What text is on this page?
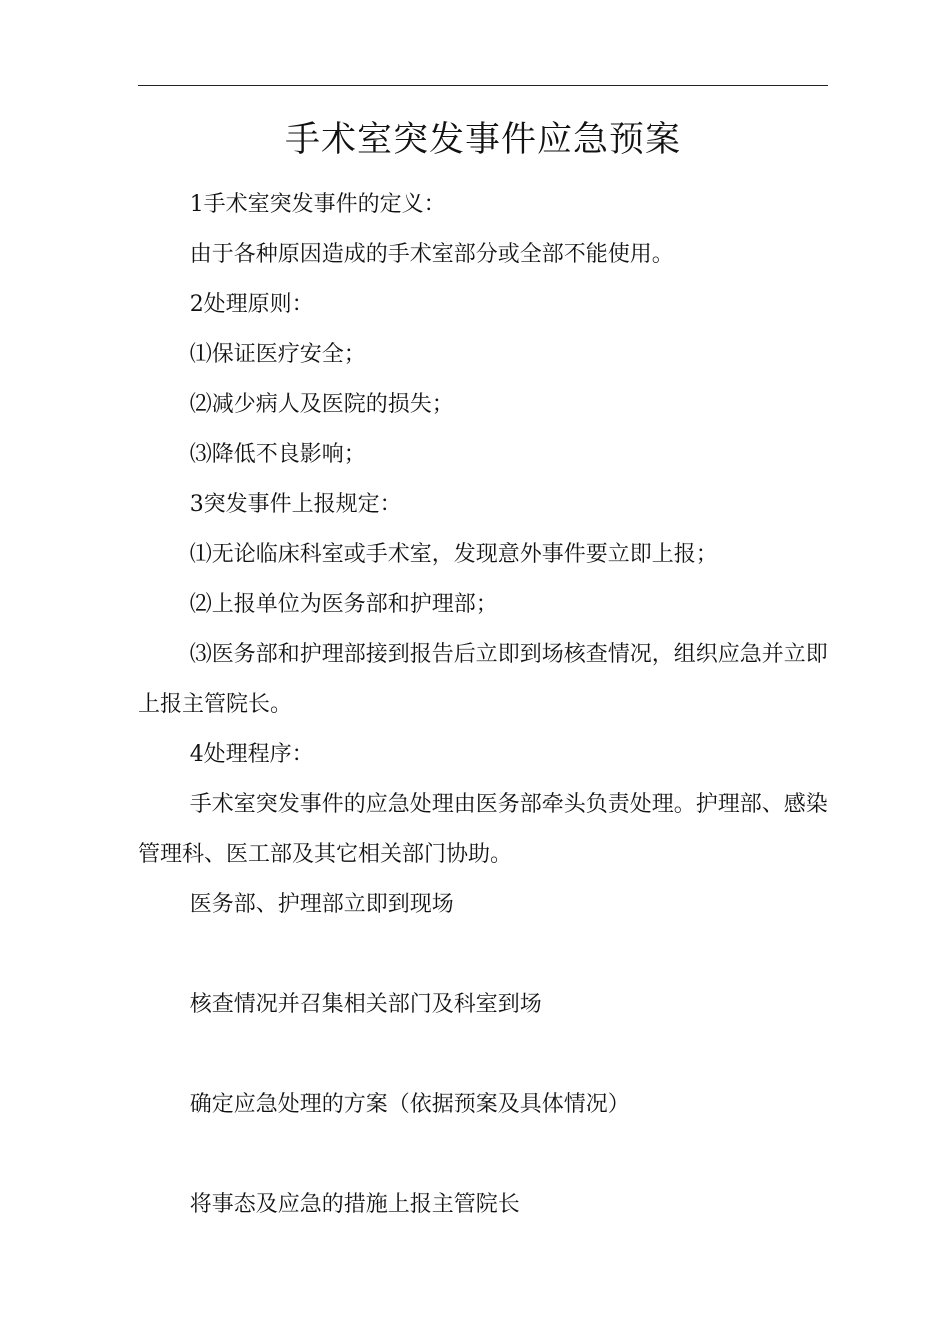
手术室突发事件应急预案

1手术室突发事件的定义：

由于各种原因造成的手术室部分或全部不能使用。

2处理原则：

⑴保证医疗安全；

⑵减少病人及医院的损失；

⑶降低不良影响；

3突发事件上报规定：

⑴无论临床科室或手术室，发现意外事件要立即上报；

⑵上报单位为医务部和护理部；

⑶医务部和护理部接到报告后立即到场核查情况，组织应急并立即上报主管院长。

4处理程序：

手术室突发事件的应急处理由医务部牵头负责处理。护理部、感染管理科、医工部及其它相关部门协助。

医务部、护理部立即到现场

核查情况并召集相关部门及科室到场

确定应急处理的方案（依据预案及具体情况）

将事态及应急的措施上报主管院长
